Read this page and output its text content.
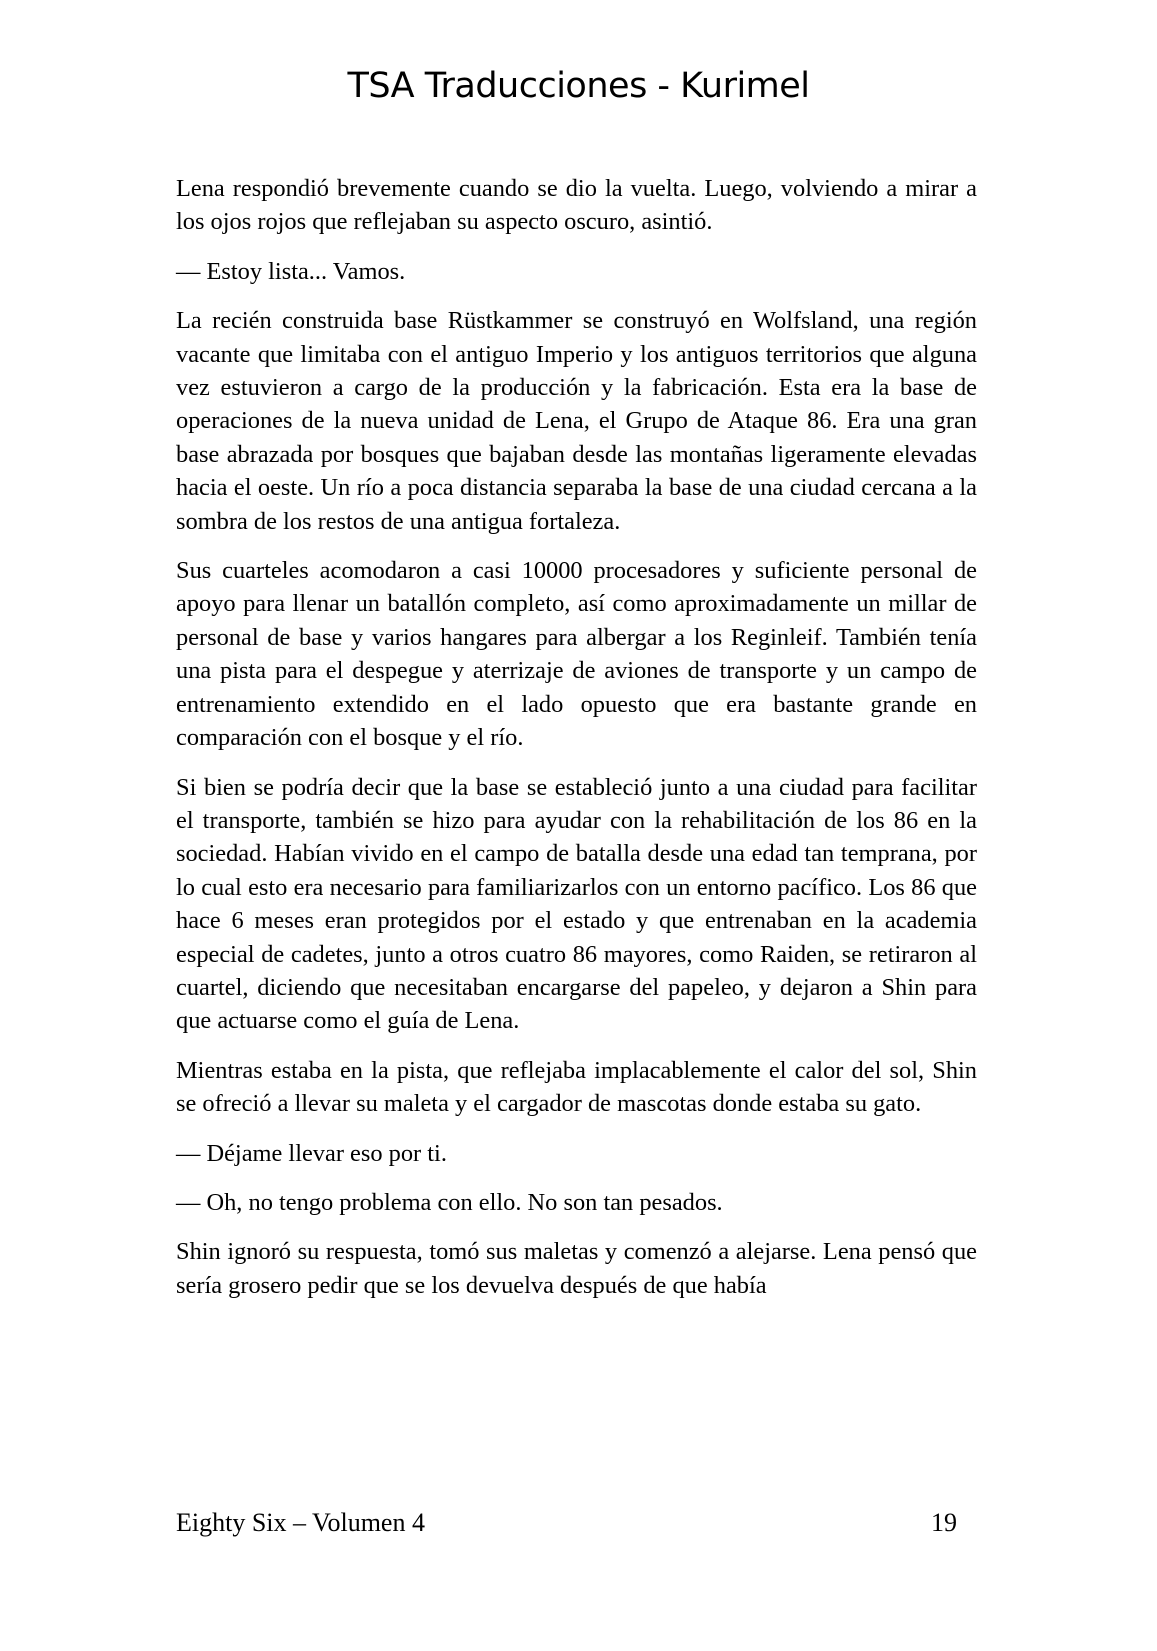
TSA Traducciones - Kurimel

Lena respondió brevemente cuando se dio la vuelta. Luego, volviendo a mirar a los ojos rojos que reflejaban su aspecto oscuro, asintió.

— Estoy lista... Vamos.

La recién construida base Rüstkammer se construyó en Wolfsland, una región vacante que limitaba con el antiguo Imperio y los antiguos territorios que alguna vez estuvieron a cargo de la producción y la fabricación. Esta era la base de operaciones de la nueva unidad de Lena, el Grupo de Ataque 86. Era una gran base abrazada por bosques que bajaban desde las montañas ligeramente elevadas hacia el oeste. Un río a poca distancia separaba la base de una ciudad cercana a la sombra de los restos de una antigua fortaleza.

Sus cuarteles acomodaron a casi 10000 procesadores y suficiente personal de apoyo para llenar un batallón completo, así como aproximadamente un millar de personal de base y varios hangares para albergar a los Reginleif. También tenía una pista para el despegue y aterrizaje de aviones de transporte y un campo de entrenamiento extendido en el lado opuesto que era bastante grande en comparación con el bosque y el río.

Si bien se podría decir que la base se estableció junto a una ciudad para facilitar el transporte, también se hizo para ayudar con la rehabilitación de los 86 en la sociedad. Habían vivido en el campo de batalla desde una edad tan temprana, por lo cual esto era necesario para familiarizarlos con un entorno pacífico. Los 86 que hace 6 meses eran protegidos por el estado y que entrenaban en la academia especial de cadetes, junto a otros cuatro 86 mayores, como Raiden, se retiraron al cuartel, diciendo que necesitaban encargarse del papeleo, y dejaron a Shin para que actuarse como el guía de Lena.

Mientras estaba en la pista, que reflejaba implacablemente el calor del sol, Shin se ofreció a llevar su maleta y el cargador de mascotas donde estaba su gato.

— Déjame llevar eso por ti.

— Oh, no tengo problema con ello. No son tan pesados.

Shin ignoró su respuesta, tomó sus maletas y comenzó a alejarse. Lena pensó que sería grosero pedir que se los devuelva después de que había

Eighty Six – Volumen 4	19
